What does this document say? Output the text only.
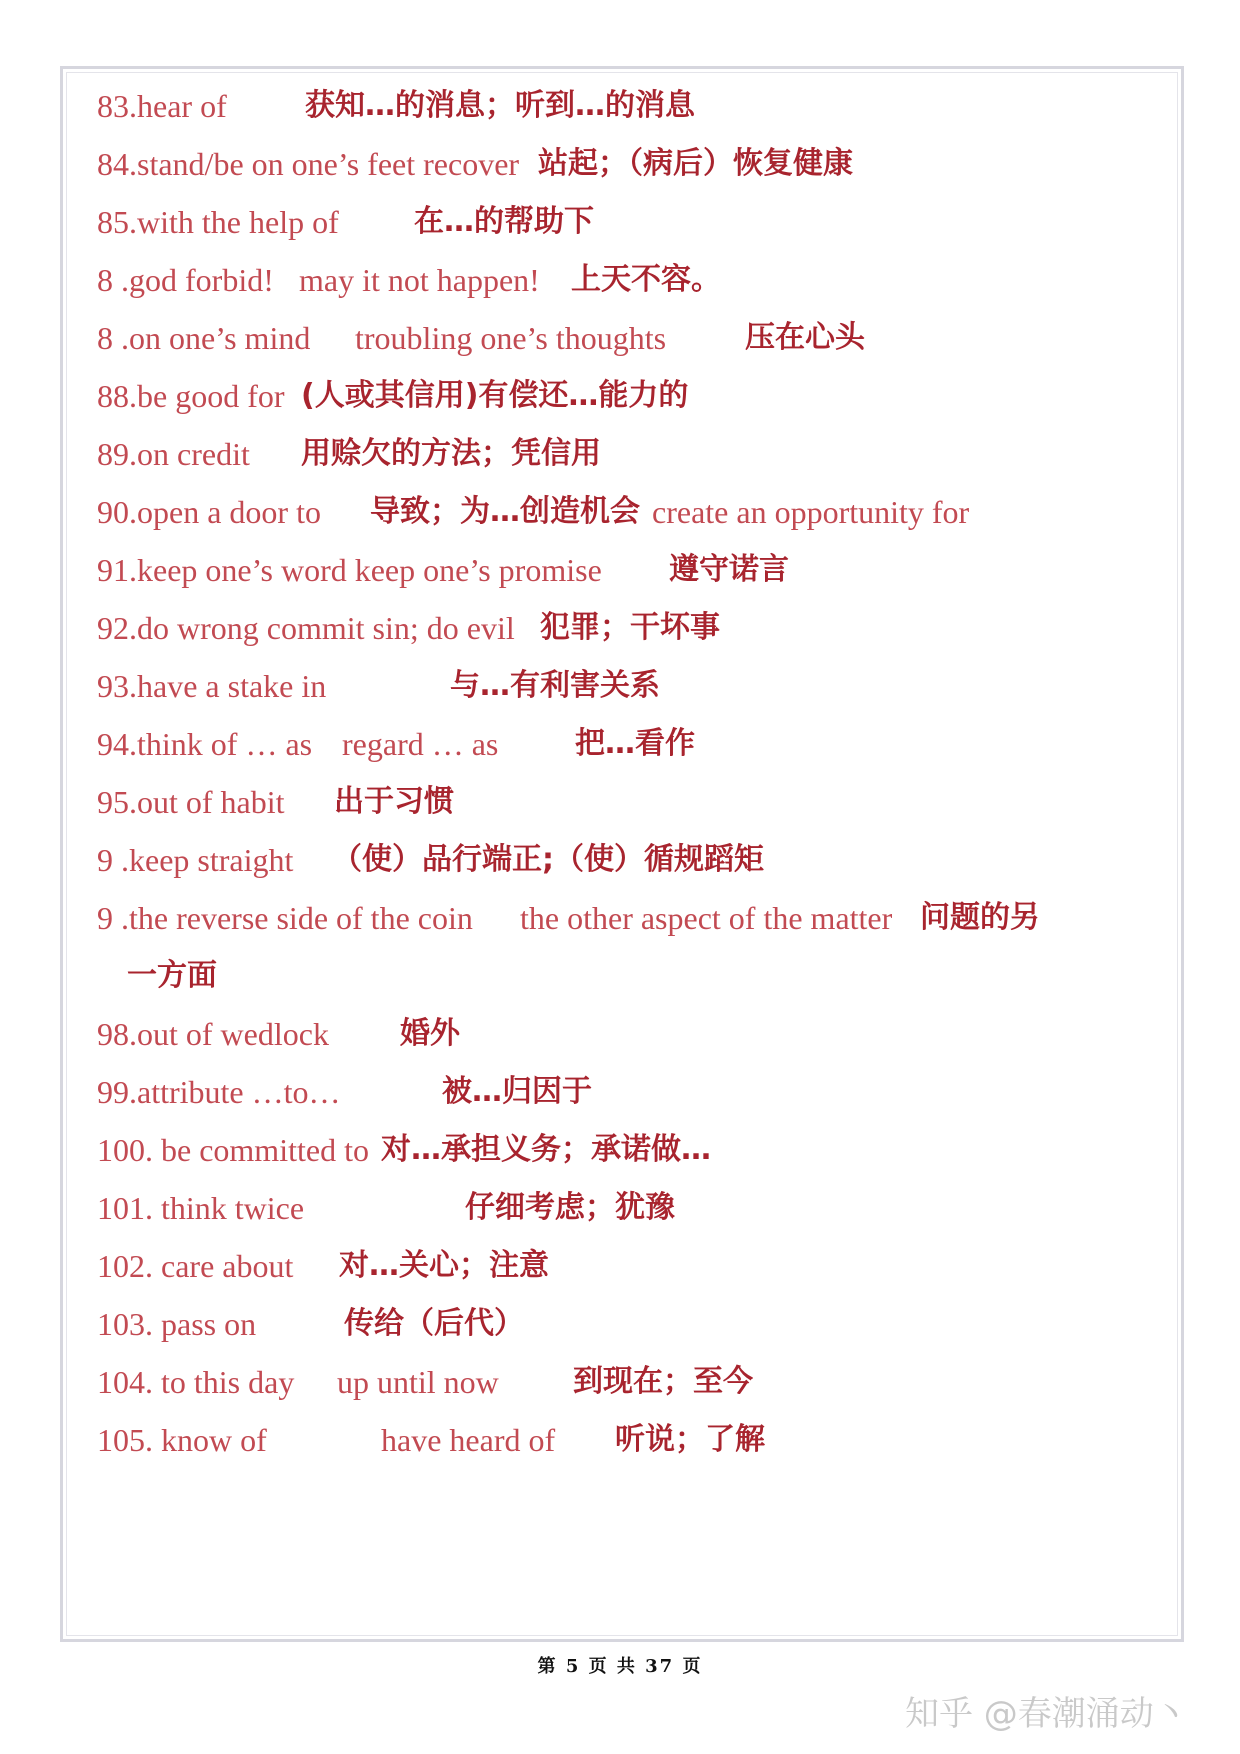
83.hear of	获知…的消息；听到…的消息
84.stand/be on one’s feet recover 站起；（病后）恢复健康
85.with the help of	在…的帮助下
8 .god forbid! may it not happen! 上天不容。
8 .on one’s mind troubling one’s thoughts	压在心头
88.be good for (人或其信用)有偿还…能力的
89.on credit 用赊欠的方法；凭信用
90.open a door to 导致；为…创造机会 create an opportunity for
91.keep one’s word keep one’s promise 遵守诺言
92.do wrong commit sin; do evil 犯罪；干坏事
93.have a stake in	与…有利害关系
94.think of … as regard … as	把…看作
95.out of habit 出于习惯
9 .keep straight （使）品行端正;（使）循规蹈矩
9 .the reverse side of the coin the other aspect of the matter 问题的另
一方面
98.out of wedlock 婚外
99.attribute …to…	被…归因于
100. be committed to 对…承担义务；承诺做…
101. think twice	仔细考虑；犹豫
102. care about 对…关心；注意
103. pass on	传给（后代）
104. to this day up until now 到现在；至今
105. know of	have heard of 听说；了解
第 5 页 共 37 页
知乎 @春潮涌动丶
